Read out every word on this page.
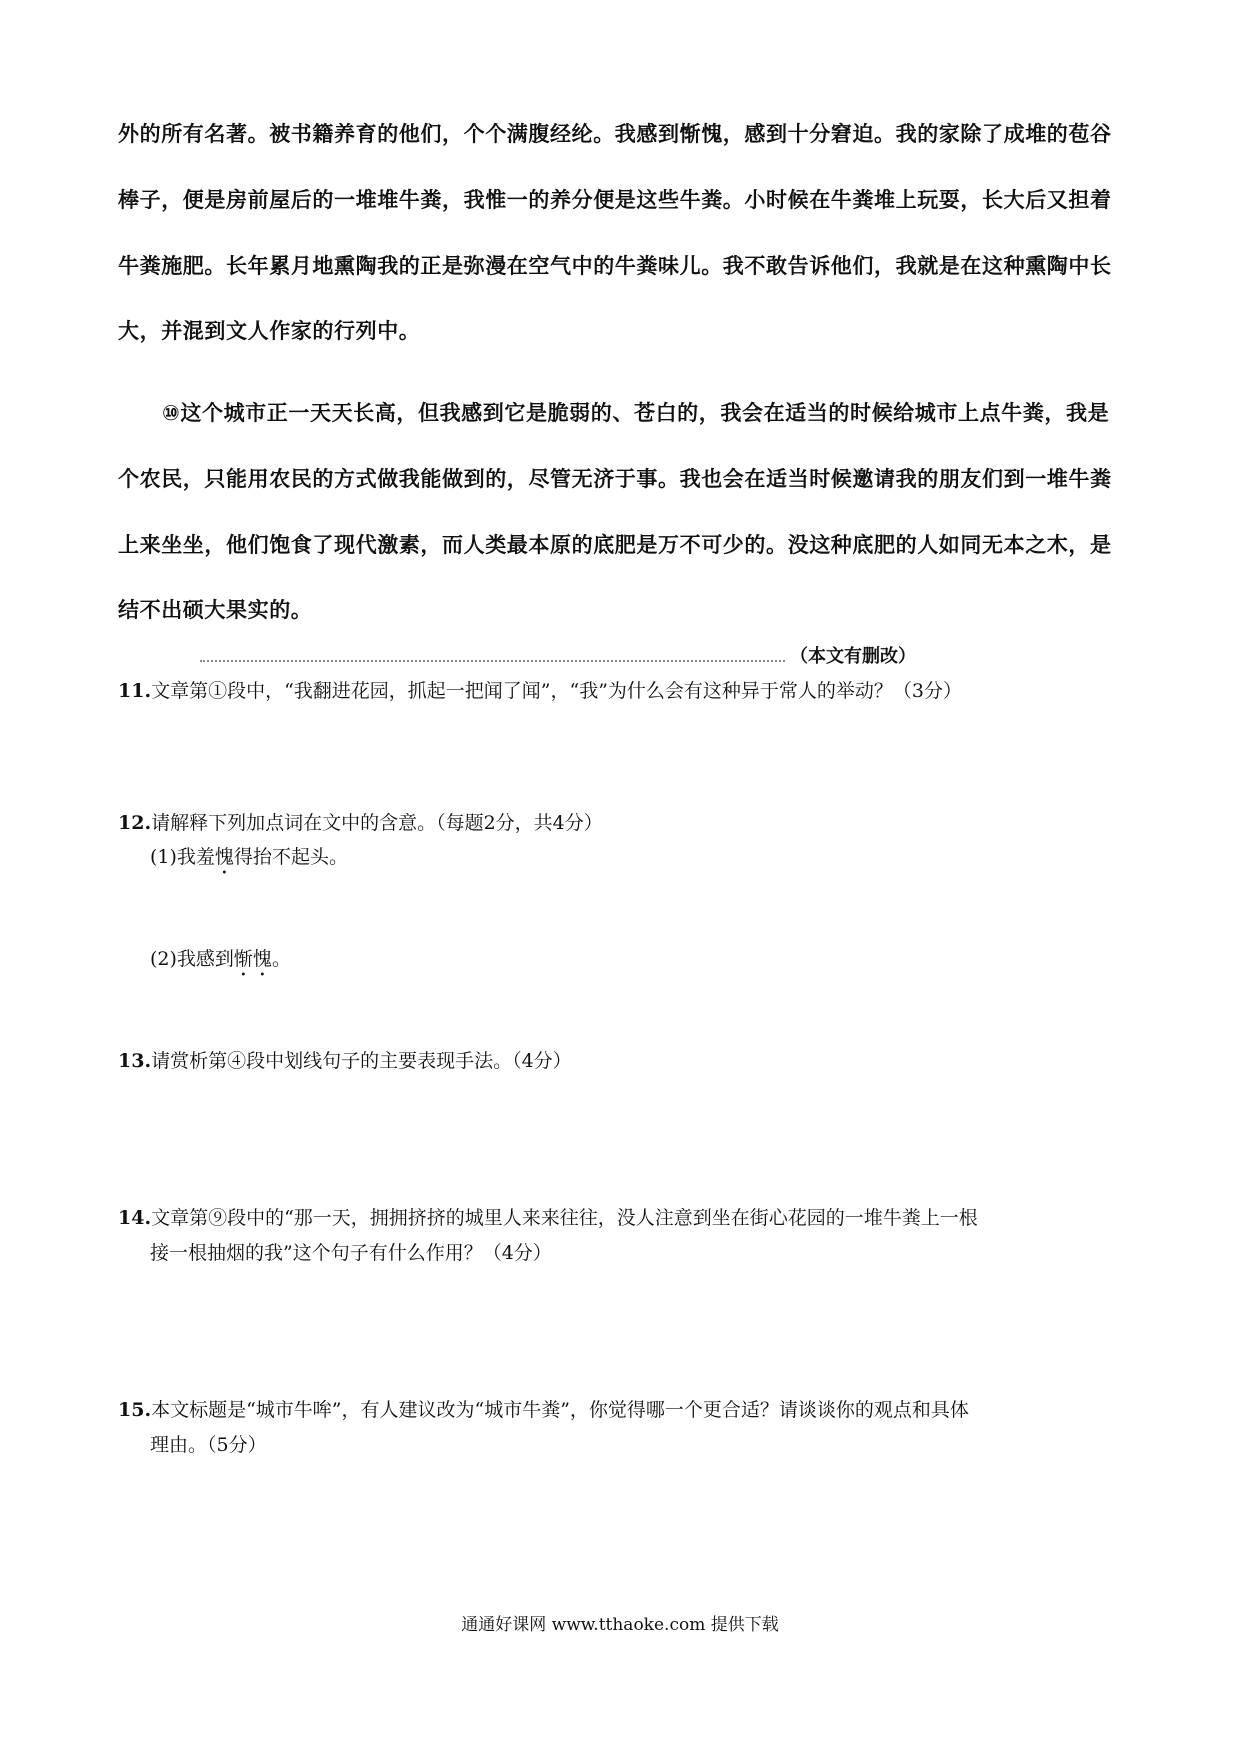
外的所有名著。被书籍养育的他们，个个满腹经纶。我感到惭愧，感到十分窘迫。我的家除了成堆的苞谷
棒子，便是房前屋后的一堆堆牛粪，我惟一的养分便是这些牛粪。小时候在牛粪堆上玩耍，长大后又担着
牛粪施肥。长年累月地熏陶我的正是弥漫在空气中的牛粪味儿。我不敢告诉他们，我就是在这种熏陶中长
大，并混到文人作家的行列中。
⑩这个城市正一天天长高，但我感到它是脆弱的、苍白的，我会在适当的时候给城市上点牛粪，我是
个农民，只能用农民的方式做我能做到的，尽管无济于事。我也会在适当时候邀请我的朋友们到一堆牛粪
上来坐坐，他们饱食了现代激素，而人类最本原的底肥是万不可少的。没这种底肥的人如同无本之木，是
结不出硕大果实的。
（本文有删改）
11.文章第①段中，“我翻进花园，抓起一把闻了闻”，“我”为什么会有这种异于常人的举动？（3分）
12.请解释下列加点词在文中的含意。（每题2分，共4分）
(1)我羞愧得抬不起头。
(2)我感到惭愧。
13.请赏析第④段中划线句子的主要表现手法。（4分）
14.文章第⑨段中的“那一天，拥拥挤挤的城里人来来往往，没人注意到坐在街心花园的一堆牛粪上一根
接一根抽烟的我”这个句子有什么作用？（4分）
15.本文标题是“城市牛哞”，有人建议改为“城市牛粪”，你觉得哪一个更合适？请谈谈你的观点和具体
理由。（5分）
通通好课网 www.tthaoke.com 提供下载
